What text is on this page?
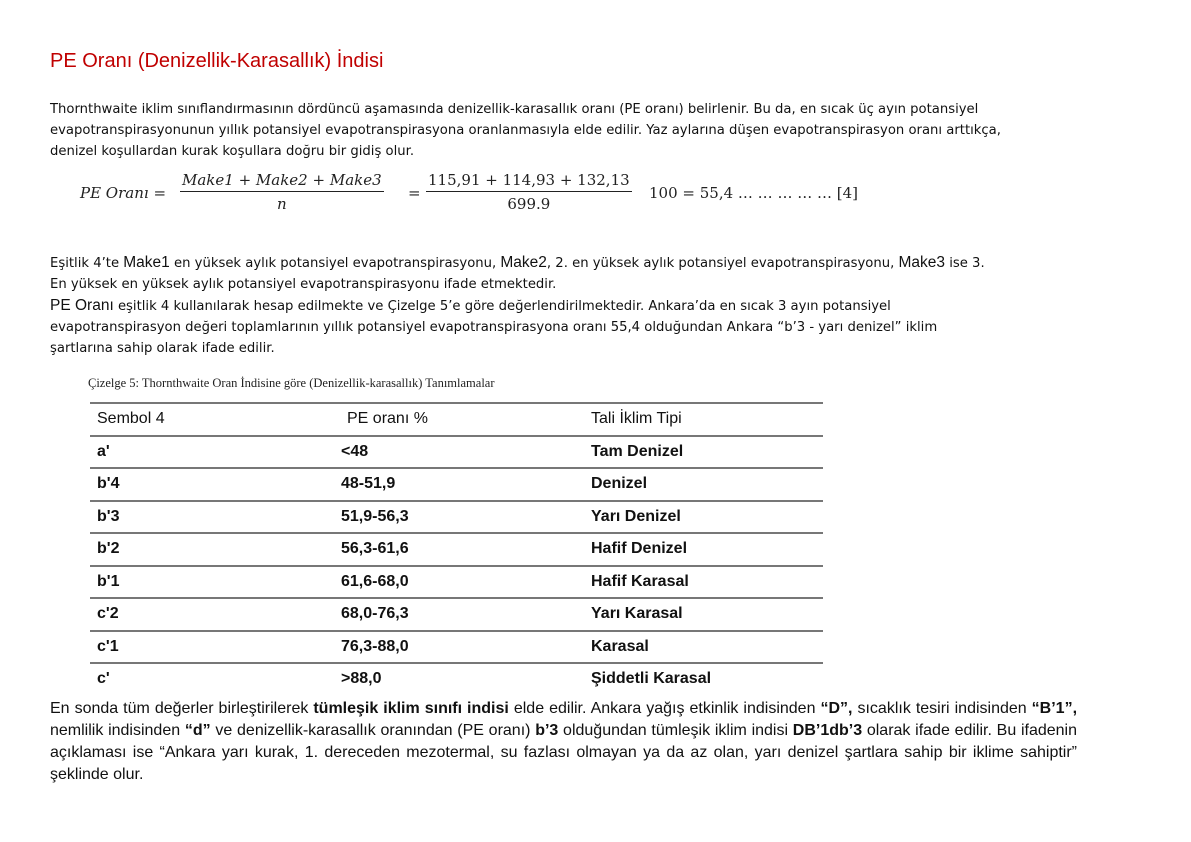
PE Oranı (Denizellik-Karasallık) İndisi
Thornthwaite iklim sınıflandırmasının dördüncü aşamasında denizellik-karasallık oranı (PE oranı) belirlenir. Bu da, en sıcak üç ayın potansiyel
evapotranspirasyonunun yıllık potansiyel evapotranspirasyona oranlanmasıyla elde edilir. Yaz aylarına düşen evapotranspirasyon oranı arttıkça,
denizel koşullardan kurak koşullara doğru bir gidiş olur.
PE Oranı =
Make1 + Make2 + Make3
n
= $\frac{115,91 + 114,93 + 132,13}{699.9} 100 = 55,4$ … … … … … [4]
Eşitlik 4’te Make1 en yüksek aylık potansiyel evapotranspirasyonu, Make2, 2. en yüksek aylık potansiyel evapotranspirasyonu, Make3 ise 3.
En yüksek en yüksek aylık potansiyel evapotranspirasyonu ifade etmektedir.
PE Oranı eşitlik 4 kullanılarak hesap edilmekte ve Çizelge 5’e göre değerlendirilmektedir. Ankara’da en sıcak 3 ayın potansiyel
evapotranspirasyon değeri toplamlarının yıllık potansiyel evapotranspirasyona oranı 55,4 olduğundan Ankara “b’3 - yarı denizel” iklim
şartlarına sahip olarak ifade edilir.
Çizelge 5: Thornthwaite Oran İndisine göre (Denizellik-karasallık) Tanımlamalar
Sembol 4	PE oranı %	Tali İklim Tipi
a'	<48	Tam Denizel
b'4	48-51,9	Denizel
b'3	51,9-56,3	Yarı Denizel
b'2	56,3-61,6	Hafif Denizel
b'1	61,6-68,0	Hafif Karasal
c'2	68,0-76,3	Yarı Karasal
c'1	76,3-88,0	Karasal
c'	>88,0	Şiddetli Karasal
En sonda tüm değerler birleştirilerek tümleşik iklim sınıfı indisi elde edilir. Ankara yağış etkinlik indisinden “D”, sıcaklık tesiri indisinden “B’1”, nemlilik indisinden “d” ve denizellik-karasallık oranından (PE oranı) b’3 olduğundan tümleşik iklim indisi DB’1db’3 olarak ifade edilir. Bu ifadenin açıklaması ise “Ankara yarı kurak, 1. dereceden mezotermal, su fazlası olmayan ya da az olan, yarı denizel şartlara sahip bir iklime sahiptir” şeklinde olur.
